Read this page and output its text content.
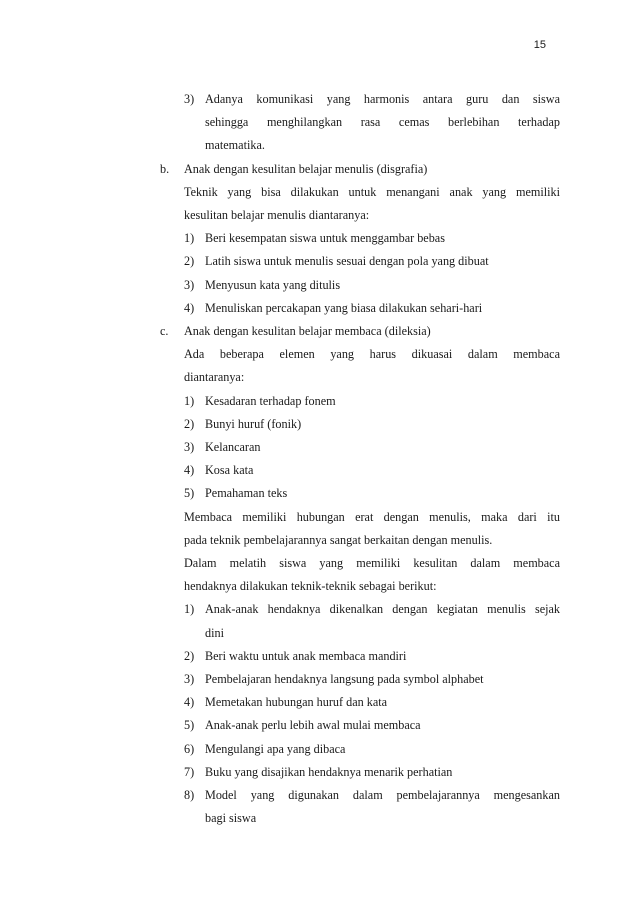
15
3) Adanya komunikasi yang harmonis antara guru dan siswa
sehingga menghilangkan rasa cemas berlebihan terhadap
matematika.
b.	Anak dengan kesulitan belajar menulis (disgrafia)
Teknik yang bisa dilakukan untuk menangani anak yang memiliki
kesulitan belajar menulis diantaranya:
1) Beri kesempatan siswa untuk menggambar bebas
2) Latih siswa untuk menulis sesuai dengan pola yang dibuat
3) Menyusun kata yang ditulis
4) Menuliskan percakapan yang biasa dilakukan sehari-hari
c.	Anak dengan kesulitan belajar membaca (dileksia)
Ada beberapa elemen yang harus dikuasai dalam membaca
diantaranya:
1) Kesadaran terhadap fonem
2) Bunyi huruf (fonik)
3) Kelancaran
4) Kosa kata
5) Pemahaman teks
Membaca memiliki hubungan erat dengan menulis, maka dari itu
pada teknik pembelajarannya sangat berkaitan dengan menulis.
Dalam melatih siswa yang memiliki kesulitan dalam membaca
hendaknya dilakukan teknik-teknik sebagai berikut:
1) Anak-anak hendaknya dikenalkan dengan kegiatan menulis sejak
dini
2) Beri waktu untuk anak membaca mandiri
3) Pembelajaran hendaknya langsung pada symbol alphabet
4) Memetakan hubungan huruf dan kata
5) Anak-anak perlu lebih awal mulai membaca
6) Mengulangi apa yang dibaca
7) Buku yang disajikan hendaknya menarik perhatian
8) Model yang digunakan dalam pembelajarannya mengesankan
bagi siswa
